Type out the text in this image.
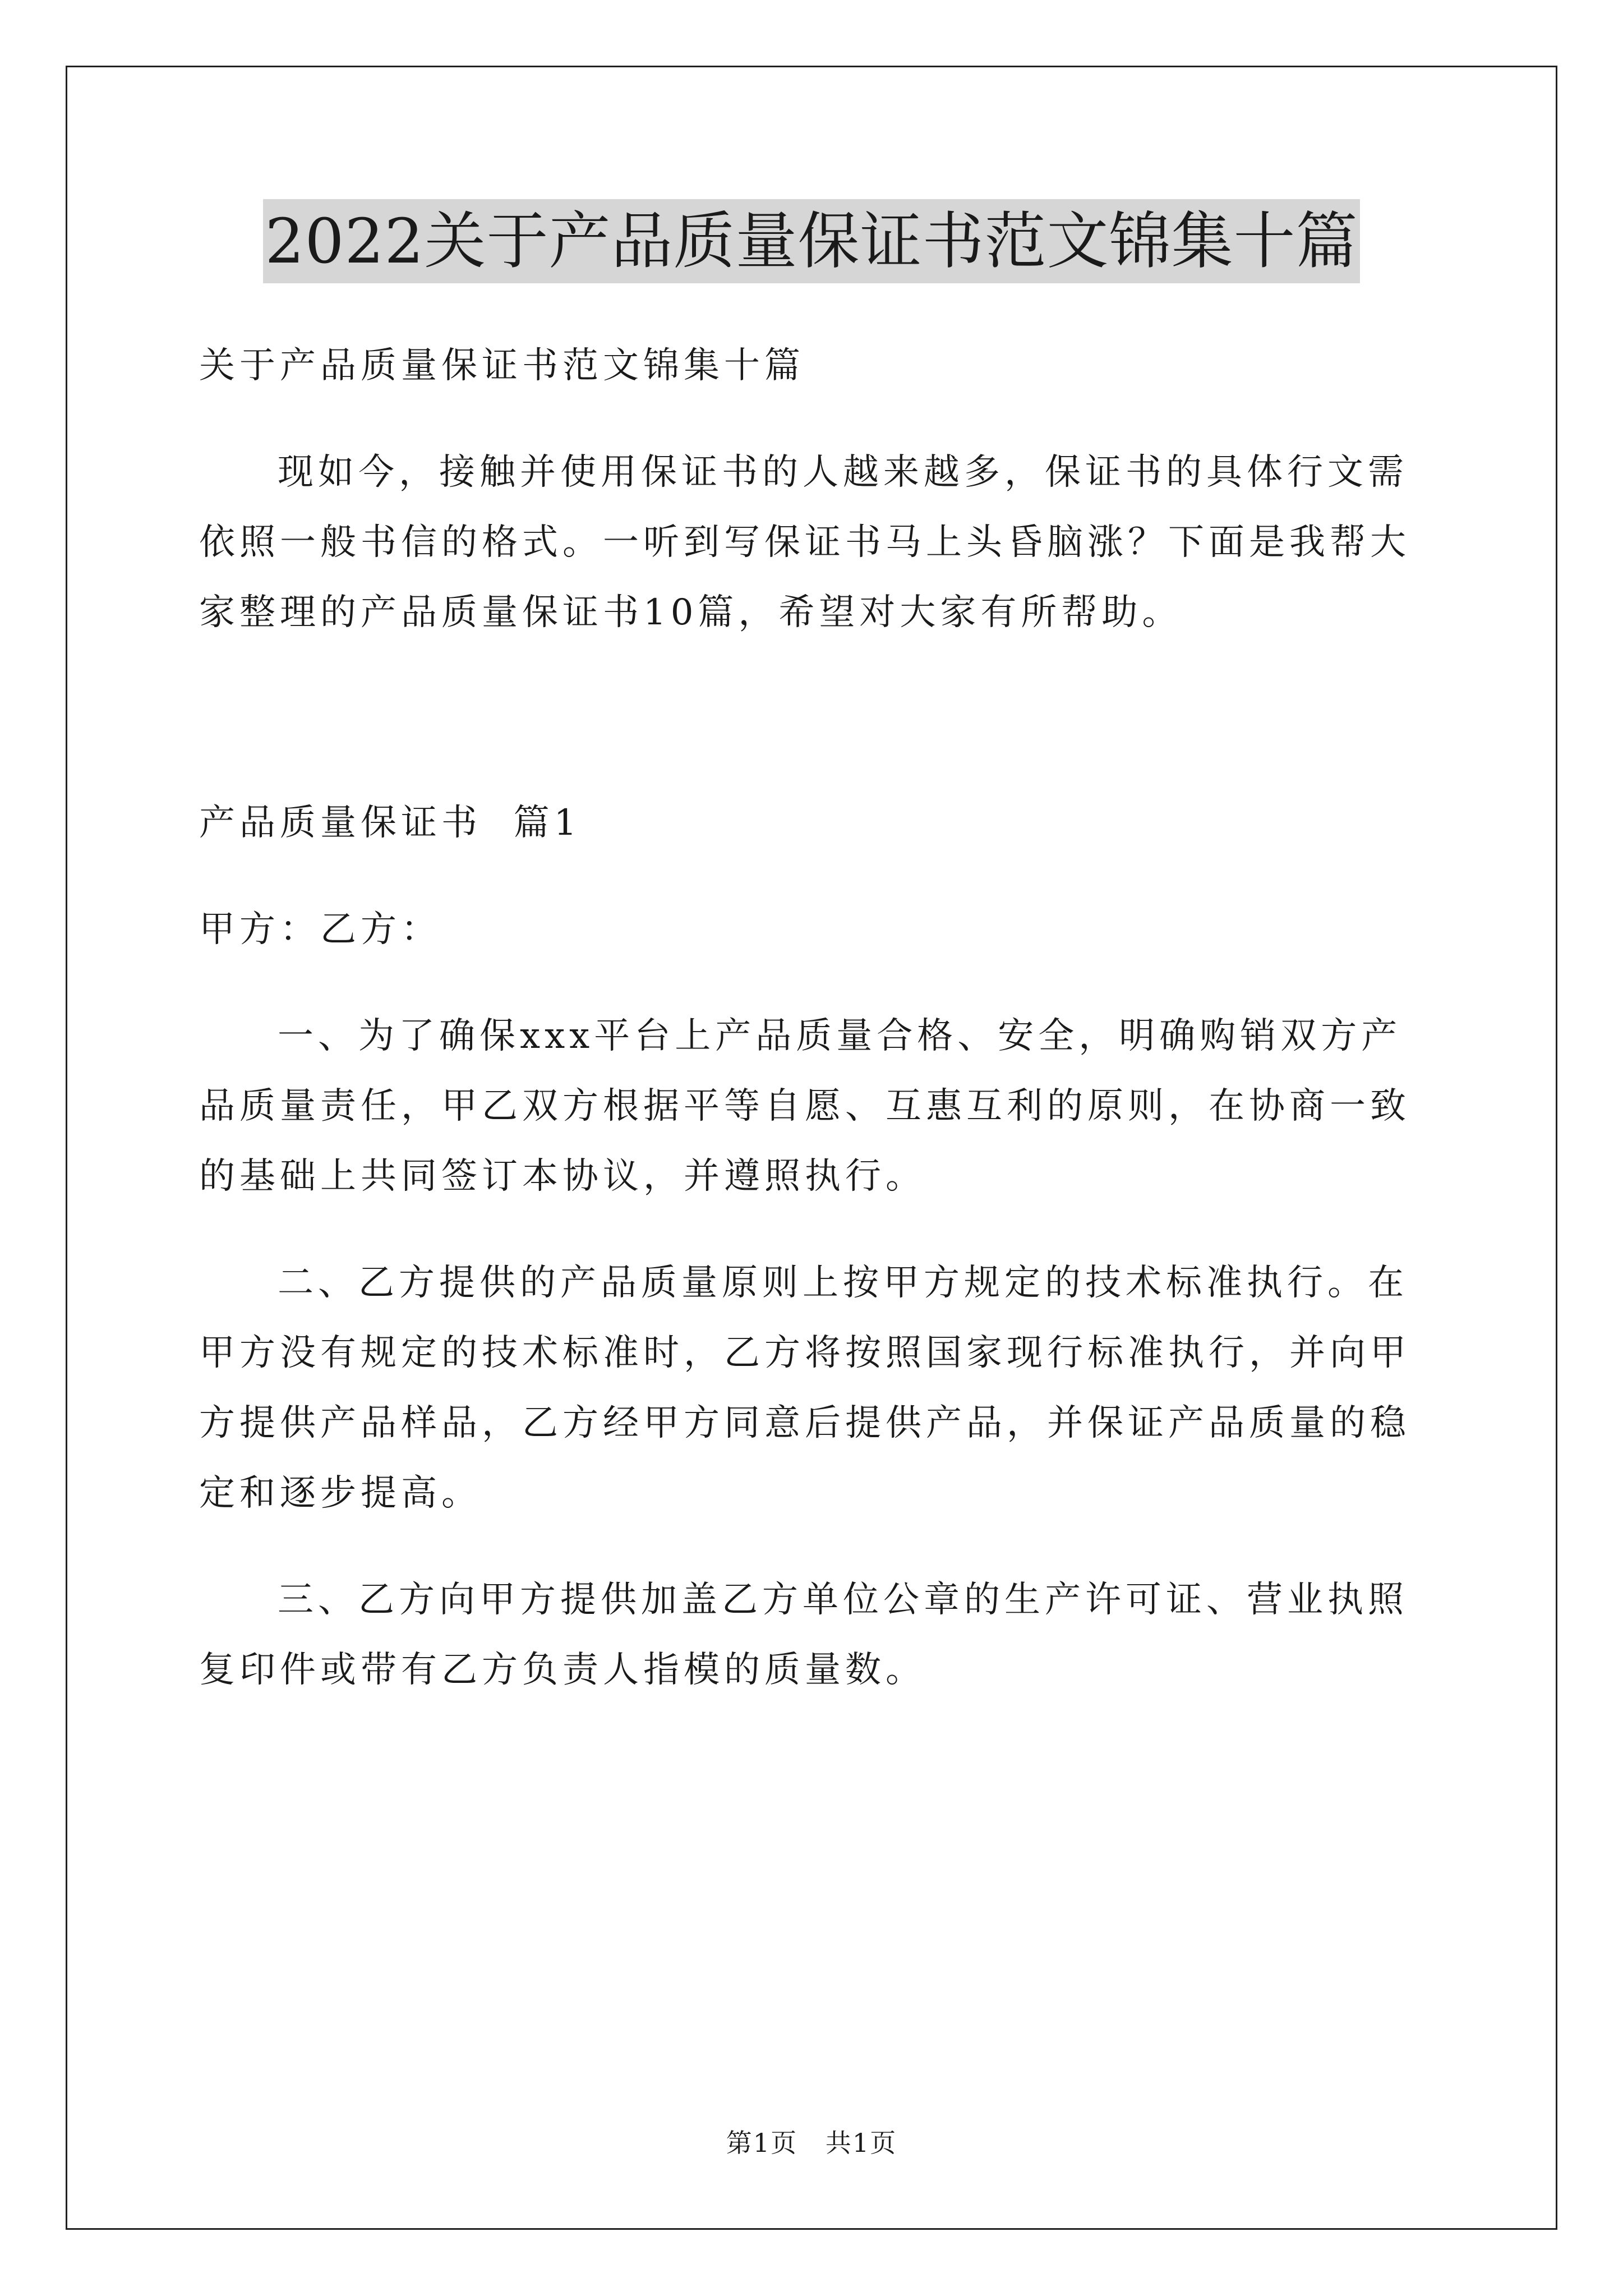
2022关于产品质量保证书范文锦集十篇

关于产品质量保证书范文锦集十篇

现如今，接触并使用保证书的人越来越多，保证书的具体行文需依照一般书信的格式。一听到写保证书马上头昏脑涨？下面是我帮大家整理的产品质量保证书10篇，希望对大家有所帮助。

产品质量保证书  篇1

甲方：乙方：

一、为了确保xxx平台上产品质量合格、安全，明确购销双方产品质量责任，甲乙双方根据平等自愿、互惠互利的原则，在协商一致的基础上共同签订本协议，并遵照执行。

二、乙方提供的产品质量原则上按甲方规定的技术标准执行。在甲方没有规定的技术标准时，乙方将按照国家现行标准执行，并向甲方提供产品样品，乙方经甲方同意后提供产品，并保证产品质量的稳定和逐步提高。

三、乙方向甲方提供加盖乙方单位公章的生产许可证、营业执照复印件或带有乙方负责人指模的质量数。

第1页   共1页
